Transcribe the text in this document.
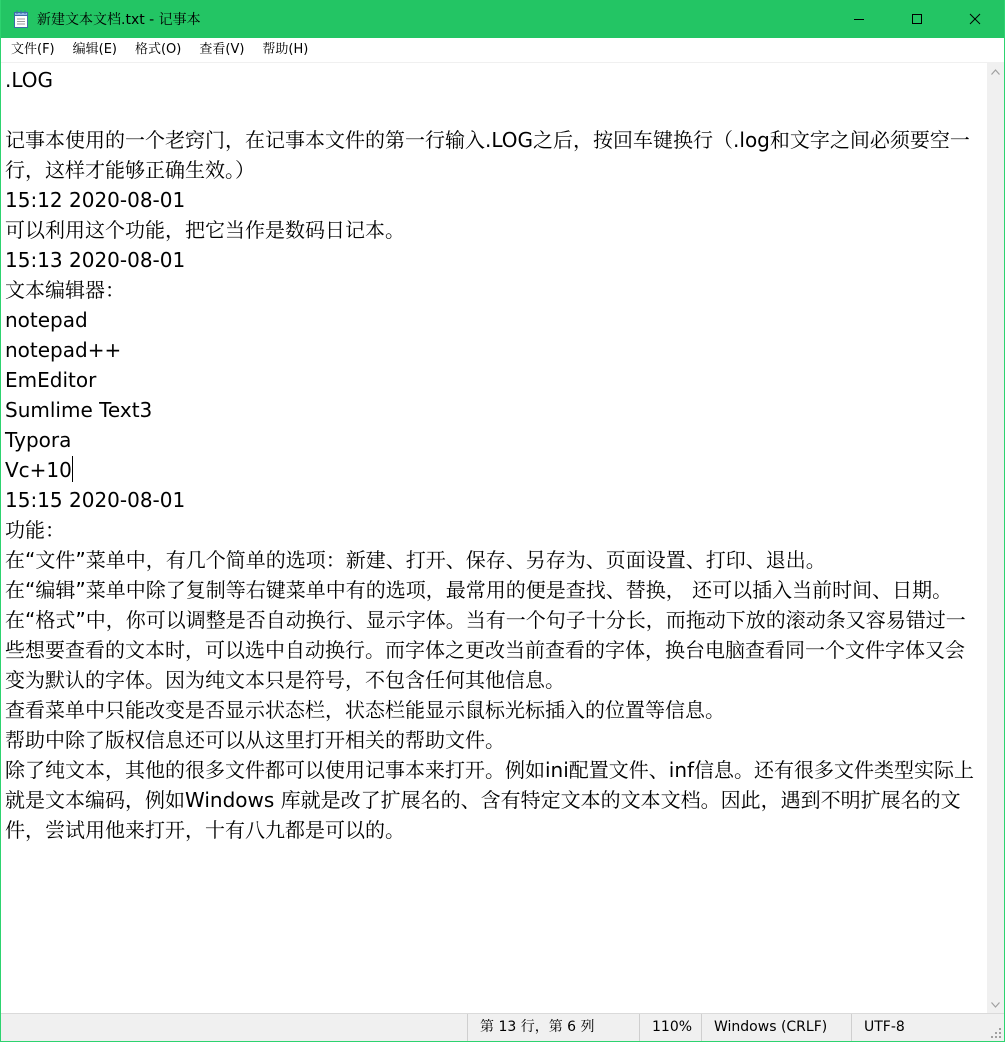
新建文本文档.txt - 记事本
文件(F)	编辑(E)	格式(O)	查看(V)	帮助(H)
.LOG

记事本使用的一个老窍门，在记事本文件的第一行输入.LOG之后，按回车键换行（.log和文字之间必须要空一行，这样才能够正确生效。）
15:12 2020-08-01
可以利用这个功能，把它当作是数码日记本。
15:13 2020-08-01
文本编辑器：
notepad
notepad++
EmEditor
Sumlime Text3
Typora
Vc+10
15:15 2020-08-01
功能：
在“文件”菜单中，有几个简单的选项：新建、打开、保存、另存为、页面设置、打印、退出。
在“编辑”菜单中除了复制等右键菜单中有的选项，最常用的便是查找、替换， 还可以插入当前时间、日期。
在“格式”中，你可以调整是否自动换行、显示字体。当有一个句子十分长，而拖动下放的滚动条又容易错过一些想要查看的文本时，可以选中自动换行。而字体之更改当前查看的字体，换台电脑查看同一个文件字体又会变为默认的字体。因为纯文本只是符号，不包含任何其他信息。
查看菜单中只能改变是否显示状态栏，状态栏能显示鼠标光标插入的位置等信息。
帮助中除了版权信息还可以从这里打开相关的帮助文件。
除了纯文本，其他的很多文件都可以使用记事本来打开。例如ini配置文件、inf信息。还有很多文件类型实际上就是文本编码，例如Windows 库就是改了扩展名的、含有特定文本的文本文档。因此，遇到不明扩展名的文件，尝试用他来打开，十有八九都是可以的。
第 13 行，第 6 列	110%	Windows (CRLF)	UTF-8
